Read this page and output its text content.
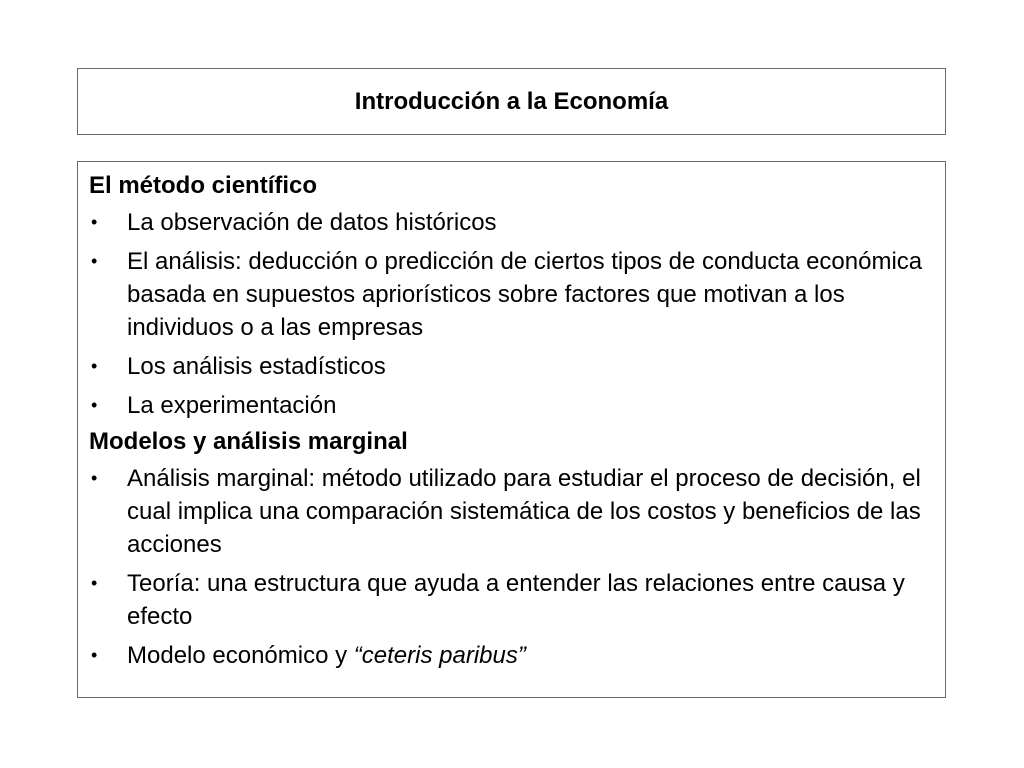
Introducción a la Economía
El método científico
•	La observación de datos históricos
•	El análisis: deducción o predicción de ciertos tipos de conducta económica basada en supuestos apriorísticos sobre factores que motivan a los individuos o a las empresas
•	Los análisis estadísticos
•	La experimentación
Modelos y análisis marginal
•	Análisis marginal: método utilizado para estudiar el proceso de decisión, el cual implica una comparación sistemática de los costos y beneficios de las acciones
•	Teoría: una estructura que ayuda a entender las relaciones entre causa y efecto
•	Modelo económico y “ceteris paribus”
